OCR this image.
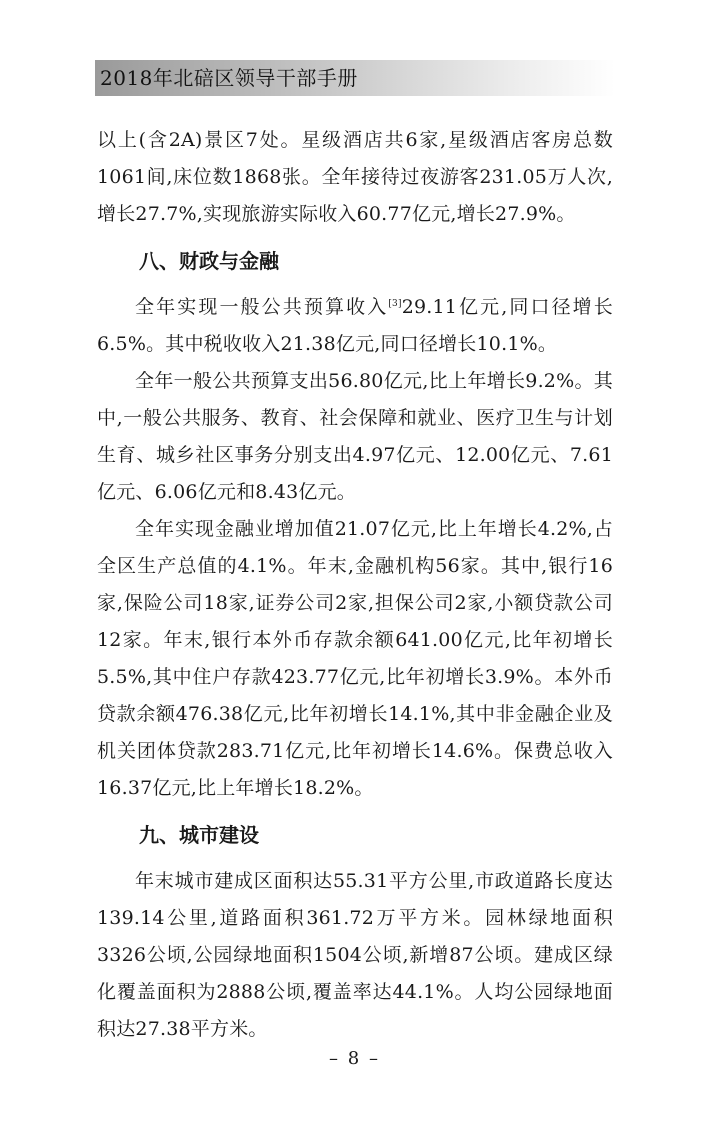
2018年北碚区领导干部手册

以上(含2A)景区7处。星级酒店共6家,星级酒店客房总数1061间,床位数1868张。全年接待过夜游客231.05万人次,增长27.7%,实现旅游实际收入60.77亿元,增长27.9%。

八、财政与金融

全年实现一般公共预算收入[3]29.11亿元,同口径增长6.5%。其中税收收入21.38亿元,同口径增长10.1%。

全年一般公共预算支出56.80亿元,比上年增长9.2%。其中,一般公共服务、教育、社会保障和就业、医疗卫生与计划生育、城乡社区事务分别支出4.97亿元、12.00亿元、7.61亿元、6.06亿元和8.43亿元。

全年实现金融业增加值21.07亿元,比上年增长4.2%,占全区生产总值的4.1%。年末,金融机构56家。其中,银行16家,保险公司18家,证券公司2家,担保公司2家,小额贷款公司12家。年末,银行本外币存款余额641.00亿元,比年初增长5.5%,其中住户存款423.77亿元,比年初增长3.9%。本外币贷款余额476.38亿元,比年初增长14.1%,其中非金融企业及机关团体贷款283.71亿元,比年初增长14.6%。保费总收入16.37亿元,比上年增长18.2%。

九、城市建设

年末城市建成区面积达55.31平方公里,市政道路长度达139.14公里,道路面积361.72万平方米。园林绿地面积3326公顷,公园绿地面积1504公顷,新增87公顷。建成区绿化覆盖面积为2888公顷,覆盖率达44.1%。人均公园绿地面积达27.38平方米。

– 8 –
